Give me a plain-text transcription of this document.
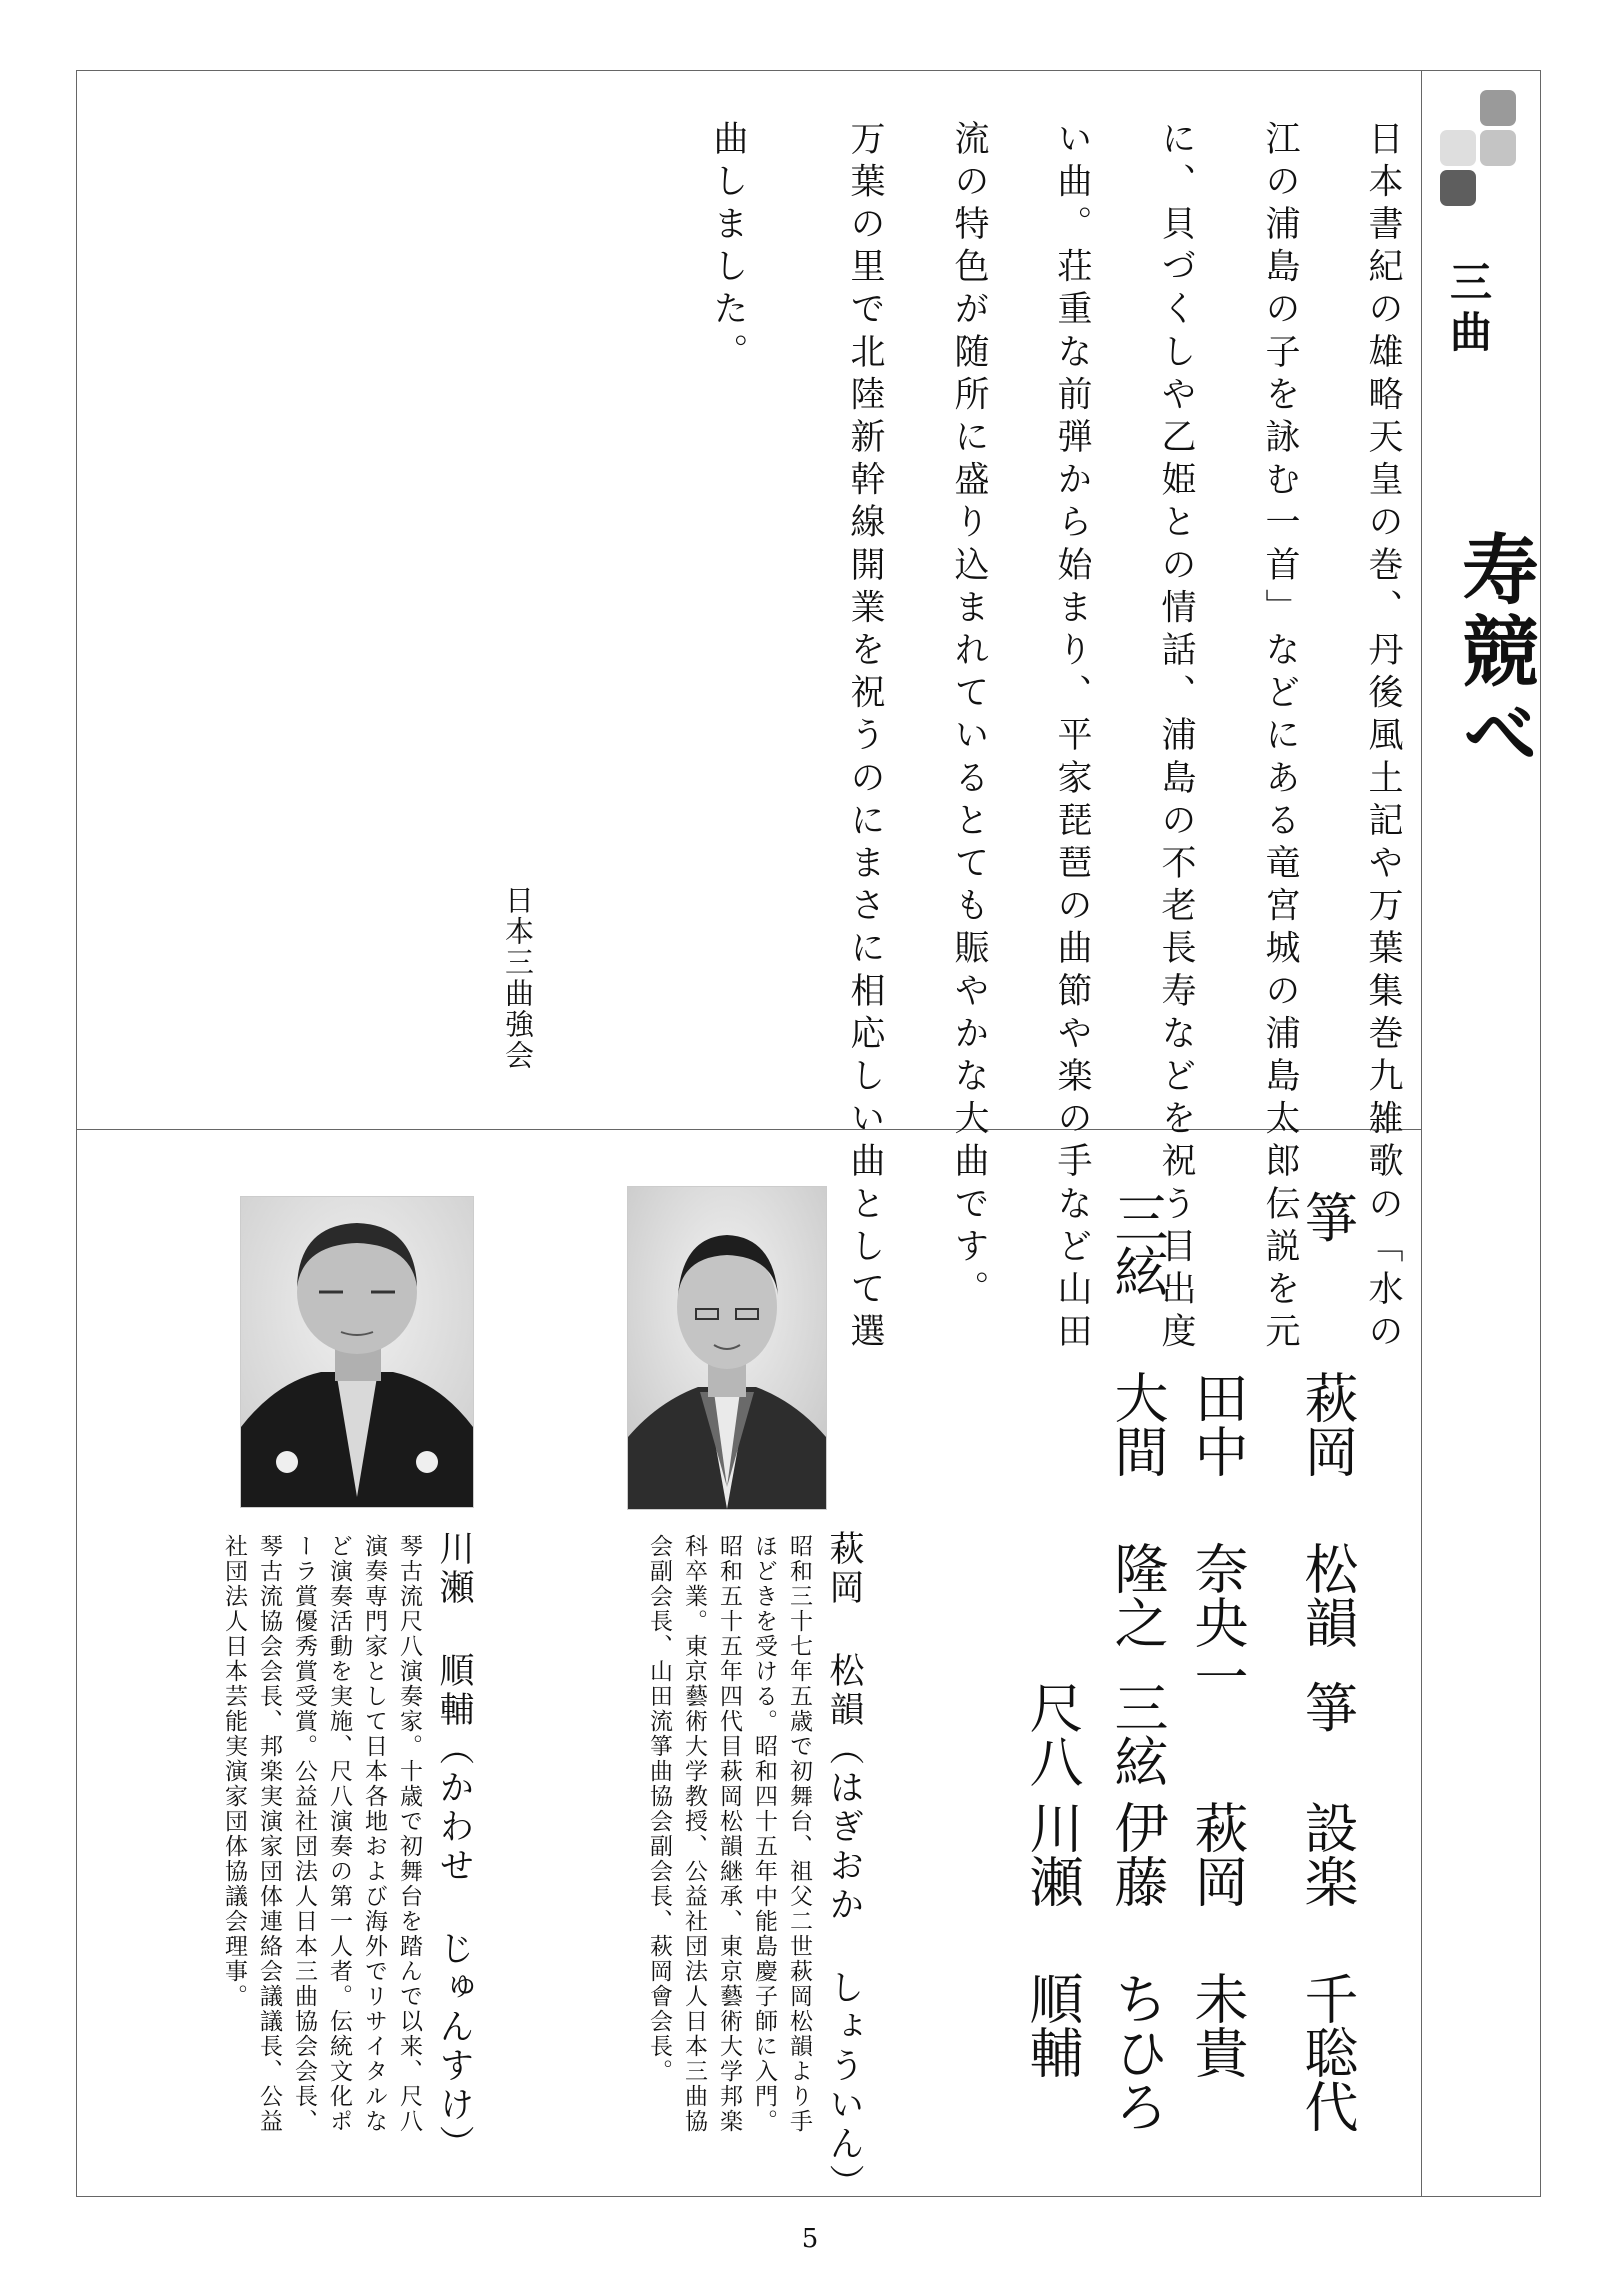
三曲
寿競べ
日本書紀の雄略天皇の巻、丹後風土記や万葉集巻九雑歌の「水の
江の浦島の子を詠む一首」などにある竜宮城の浦島太郎伝説を元
に、貝づくしや乙姫との情話、浦島の不老長寿などを祝う目出度
い曲。荘重な前弾から始まり、平家琵琶の曲節や楽の手など山田
流の特色が随所に盛り込まれているとても賑やかな大曲です。
万葉の里で北陸新幹線開業を祝うのにまさに相応しい曲として選
曲しました。
日本三曲強会
箏
萩岡 松韻
田中 奈央一
三絃
大間 隆之
箏
設楽 千聡代
萩岡 未貴
三絃
伊藤 ちひろ
尺八
川瀬 順輔
萩岡 松韻（はぎおか しょういん）
昭和三十七年五歳で初舞台、祖父二世萩岡松韻より手
ほどきを受ける。昭和四十五年中能島慶子師に入門。
昭和五十五年四代目萩岡松韻継承、東京藝術大学邦楽
科卒業。東京藝術大学教授、公益社団法人日本三曲協
会副会長、山田流箏曲協会副会長、萩岡會会長。
川瀬 順輔（かわせ じゅんすけ）
琴古流尺八演奏家。十歳で初舞台を踏んで以来、尺八
演奏専門家として日本各地および海外でリサイタルな
ど演奏活動を実施、尺八演奏の第一人者。伝統文化ポ
ーラ賞優秀賞受賞。公益社団法人日本三曲協会会長、
琴古流協会会長、邦楽実演家団体連絡会議議長、公益
社団法人日本芸能実演家団体協議会理事。
5
